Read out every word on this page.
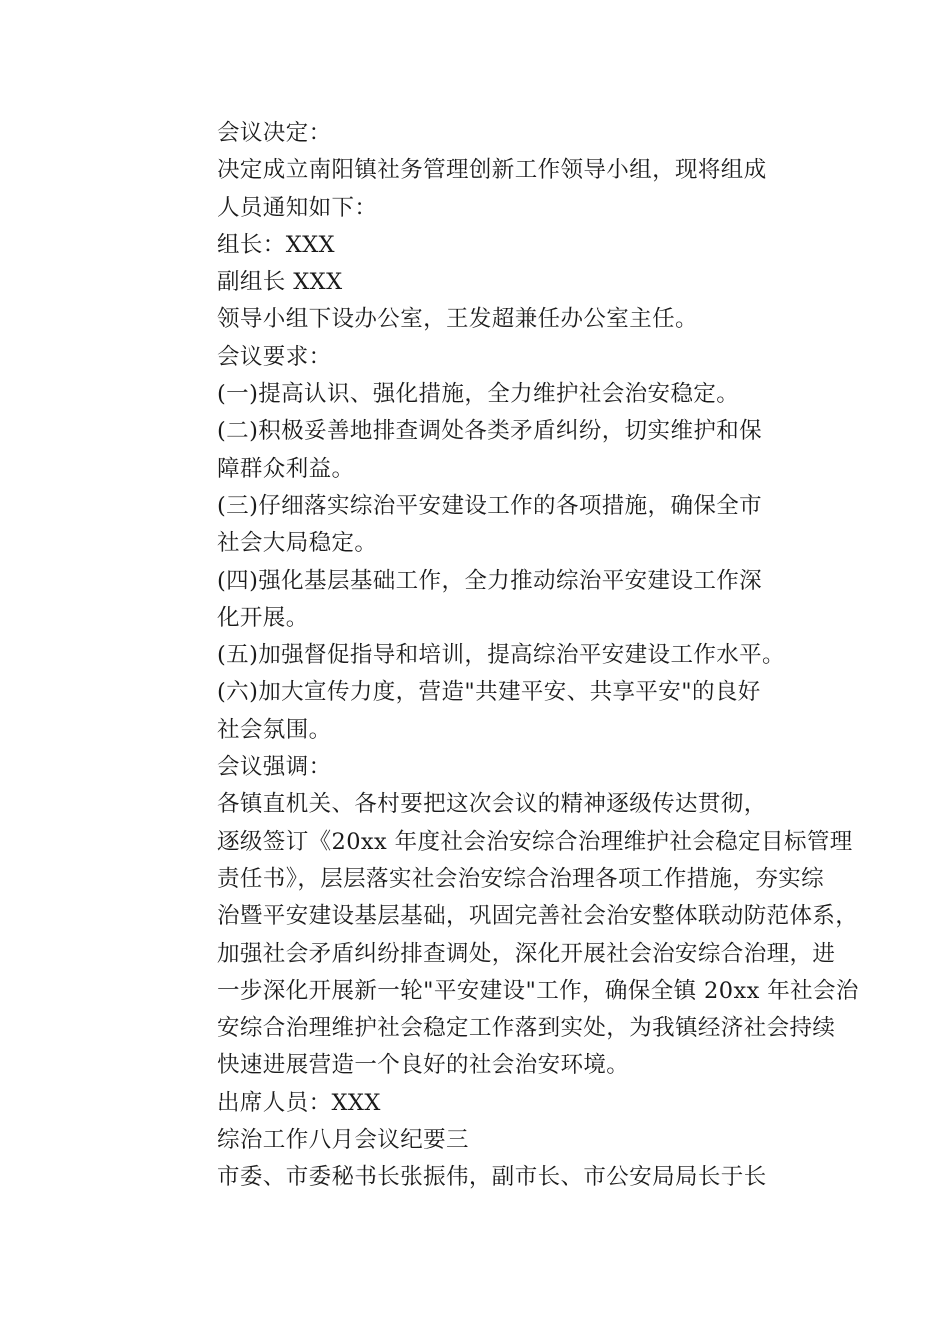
会议决定：

决定成立南阳镇社务管理创新工作领导小组，现将组成
人员通知如下：

组长：XXX

副组长 XXX

领导小组下设办公室，王发超兼任办公室主任。

会议要求：

(一)提高认识、强化措施，全力维护社会治安稳定。

(二)积极妥善地排查调处各类矛盾纠纷，切实维护和保
障群众利益。

(三)仔细落实综治平安建设工作的各项措施，确保全市
社会大局稳定。

(四)强化基层基础工作，全力推动综治平安建设工作深
化开展。

(五)加强督促指导和培训，提高综治平安建设工作水平。

(六)加大宣传力度，营造"共建平安、共享平安"的良好
社会氛围。

会议强调：

各镇直机关、各村要把这次会议的精神逐级传达贯彻，
逐级签订《20xx 年度社会治安综合治理维护社会稳定目标管理
责任书》，层层落实社会治安综合治理各项工作措施，夯实综
治暨平安建设基层基础，巩固完善社会治安整体联动防范体系，
加强社会矛盾纠纷排查调处，深化开展社会治安综合治理，进
一步深化开展新一轮"平安建设"工作，确保全镇 20xx 年社会治
安综合治理维护社会稳定工作落到实处，为我镇经济社会持续
快速进展营造一个良好的社会治安环境。

出席人员：XXX

综治工作八月会议纪要三

市委、市委秘书长张振伟，副市长、市公安局局长于长
